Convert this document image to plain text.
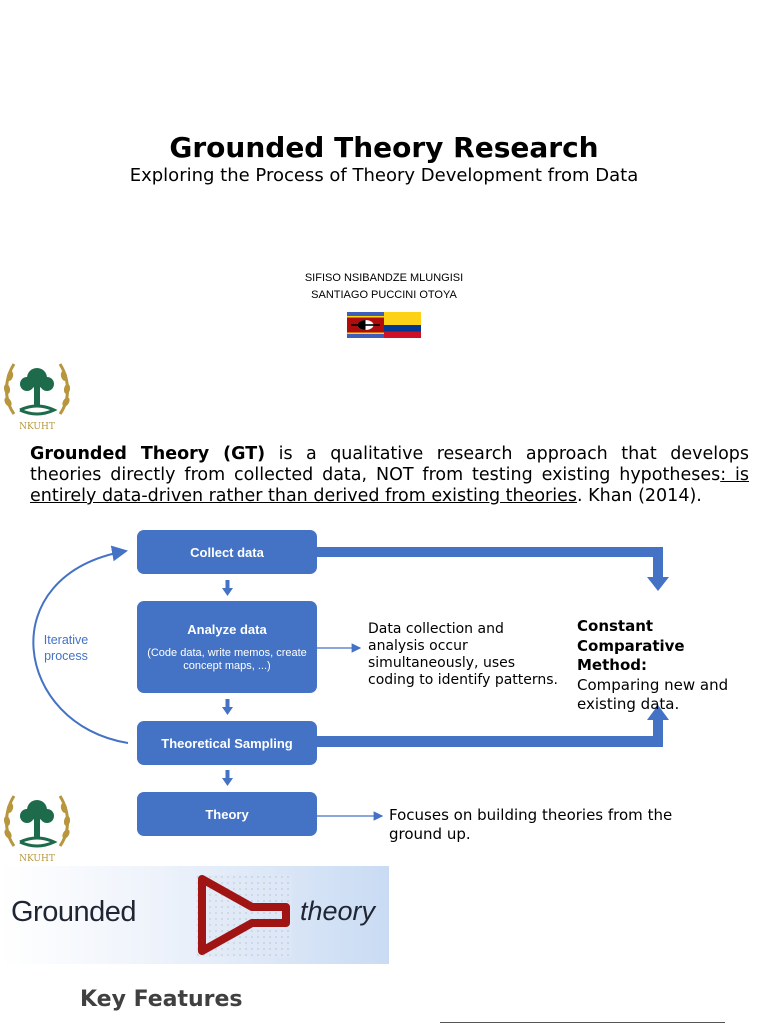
Grounded Theory Research
Exploring the Process of Theory Development from Data
SIFISO NSIBANDZE MLUNGISI
SANTIAGO PUCCINI OTOYA
NKUHT
NKUHT
Grounded Theory (GT) is a qualitative research approach that develops theories directly from collected data, NOT from testing existing hypotheses: is entirely data-driven rather than derived from existing theories. Khan (2014).
Collect data
Analyze data
(Code data, write memos, create concept maps, ...)
Theoretical Sampling
Theory
Iterative process
Data collection and analysis occur simultaneously, uses coding to identify patterns.
Constant Comparative Method:
Comparing new and existing data.
Focuses on building theories from the ground up.
Grounded	theory
Key Features
